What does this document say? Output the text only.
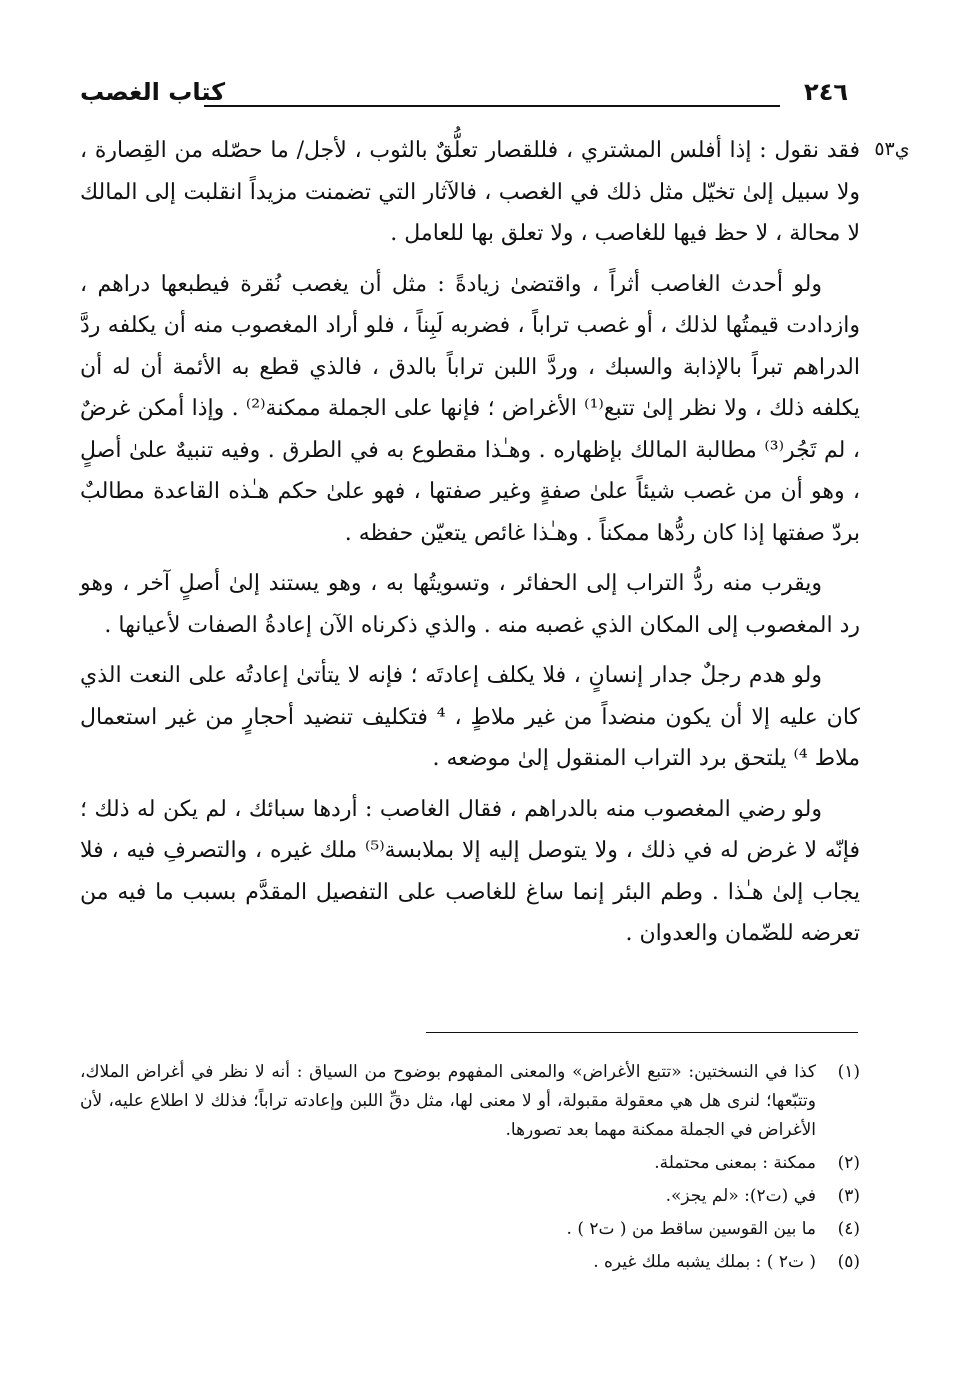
٢٤٦
كتاب الغصب
ي٥٣

فقد نقول : إذا أفلس المشتري ، فللقصار تعلُّقٌ بالثوب ، لأجل/ ما حصّله من القِصارة ، ولا سبيل إلىٰ تخيّل مثل ذلك في الغصب ، فالآثار التي تضمنت مزيداً انقلبت إلى المالك لا محالة ، لا حظ فيها للغاصب ، ولا تعلق بها للعامل .

ولو أحدث الغاصب أثراً ، واقتضىٰ زيادةً : مثل أن يغصب نُقرة فيطبعها دراهم ، وازدادت قيمتُها لذلك ، أو غصب تراباً ، فضربه لَبِناً ، فلو أراد المغصوب منه أن يكلفه ردَّ الدراهم تبراً بالإذابة والسبك ، وردَّ اللبن تراباً بالدق ، فالذي قطع به الأئمة أن له أن يكلفه ذلك ، ولا نظر إلىٰ تتبع⁽¹⁾ الأغراض ؛ فإنها على الجملة ممكنة⁽²⁾ . وإذا أمكن غرضٌ ، لم تَجُر⁽³⁾ مطالبة المالك بإظهاره . وهـٰذا مقطوع به في الطرق . وفيه تنبيهٌ علىٰ أصلٍ ، وهو أن من غصب شيئاً علىٰ صفةٍ وغير صفتها ، فهو علىٰ حكم هـٰذه القاعدة مطالبٌ بردّ صفتها إذا كان ردُّها ممكناً . وهـٰذا غائص يتعيّن حفظه .

ويقرب منه ردُّ التراب إلى الحفائر ، وتسويتُها به ، وهو يستند إلىٰ أصلٍ آخر ، وهو رد المغصوب إلى المكان الذي غصبه منه . والذي ذكرناه الآن إعادةُ الصفات لأعيانها .

ولو هدم رجلٌ جدار إنسانٍ ، فلا يكلف إعادتَه ؛ فإنه لا يتأتىٰ إعادتُه على النعت الذي كان عليه إلا أن يكون منضداً من غير ملاطٍ ، ⁴ فتكليف تنضيد أحجارٍ من غير استعمال ملاط ⁴⁾ يلتحق برد التراب المنقول إلىٰ موضعه .

ولو رضي المغصوب منه بالدراهم ، فقال الغاصب : أردها سبائك ، لم يكن له ذلك ؛ فإنّه لا غرض له في ذلك ، ولا يتوصل إليه إلا بملابسة⁽⁵⁾ ملك غيره ، والتصرفِ فيه ، فلا يجاب إلىٰ هـٰذا . وطم البئر إنما ساغ للغاصب على التفصيل المقدَّم بسبب ما فيه من تعرضه للضّمان والعدوان .

(١)
كذا في النسختين: «تتبع الأغراض» والمعنى المفهوم بوضوح من السياق : أنه لا نظر في أغراض الملاك، وتتبّعها؛ لنرى هل هي معقولة مقبولة، أو لا معنى لها، مثل دقِّ اللبن وإعادته تراباً؛ فذلك لا اطلاع عليه، لأن الأغراض في الجملة ممكنة مهما بعد تصورها.
(٢)
ممكنة : بمعنى محتملة.
(٣)
في (ت٢): «لم يجز».
(٤)
ما بين القوسين ساقط من ( ت٢ ) .
(٥)
( ت٢ ) : بملك يشبه ملك غيره .
